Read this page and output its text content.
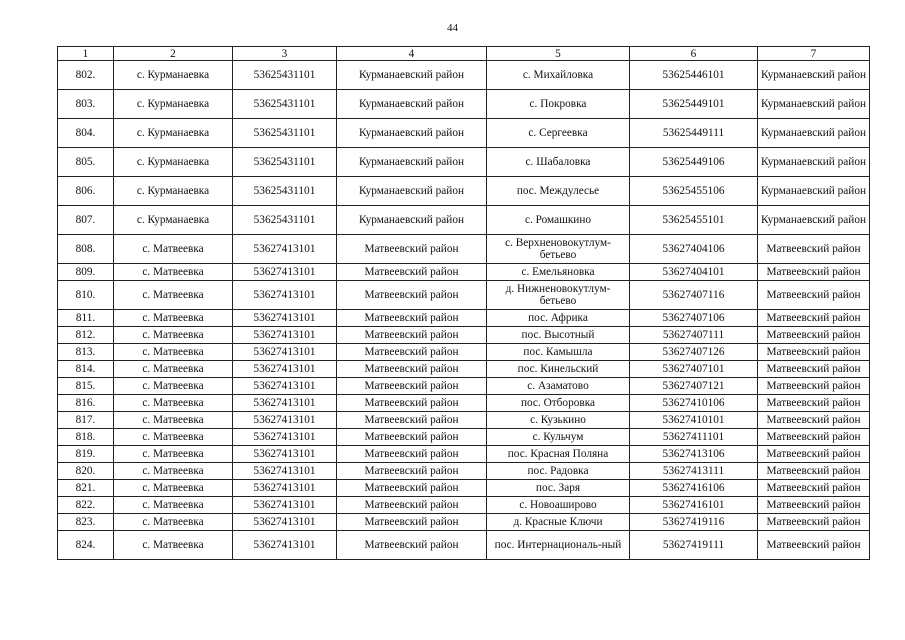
44
1	2	3	4	5	6	7
802.	с. Курманаевка	53625431101	Курманаевский район	с. Михайловка	53625446101	Курманаевский район
803.	с. Курманаевка	53625431101	Курманаевский район	с. Покровка	53625449101	Курманаевский район
804.	с. Курманаевка	53625431101	Курманаевский район	с. Сергеевка	53625449111	Курманаевский район
805.	с. Курманаевка	53625431101	Курманаевский район	с. Шабаловка	53625449106	Курманаевский район
806.	с. Курманаевка	53625431101	Курманаевский район	пос. Междулесье	53625455106	Курманаевский район
807.	с. Курманаевка	53625431101	Курманаевский район	с. Ромашкино	53625455101	Курманаевский район
808.	с. Матвеевка	53627413101	Матвеевский район	с. Верхненовокутлум-бетьево	53627404106	Матвеевский район
809.	с. Матвеевка	53627413101	Матвеевский район	с. Емельяновка	53627404101	Матвеевский район
810.	с. Матвеевка	53627413101	Матвеевский район	д. Нижненовокутлум-бетьево	53627407116	Матвеевский район
811.	с. Матвеевка	53627413101	Матвеевский район	пос. Африка	53627407106	Матвеевский район
812.	с. Матвеевка	53627413101	Матвеевский район	пос. Высотный	53627407111	Матвеевский район
813.	с. Матвеевка	53627413101	Матвеевский район	пос. Камышла	53627407126	Матвеевский район
814.	с. Матвеевка	53627413101	Матвеевский район	пос. Кинельский	53627407101	Матвеевский район
815.	с. Матвеевка	53627413101	Матвеевский район	с. Азаматово	53627407121	Матвеевский район
816.	с. Матвеевка	53627413101	Матвеевский район	пос. Отборовка	53627410106	Матвеевский район
817.	с. Матвеевка	53627413101	Матвеевский район	с. Кузькино	53627410101	Матвеевский район
818.	с. Матвеевка	53627413101	Матвеевский район	с. Кульчум	53627411101	Матвеевский район
819.	с. Матвеевка	53627413101	Матвеевский район	пос. Красная Поляна	53627413106	Матвеевский район
820.	с. Матвеевка	53627413101	Матвеевский район	пос. Радовка	53627413111	Матвеевский район
821.	с. Матвеевка	53627413101	Матвеевский район	пос. Заря	53627416106	Матвеевский район
822.	с. Матвеевка	53627413101	Матвеевский район	с. Новоаширово	53627416101	Матвеевский район
823.	с. Матвеевка	53627413101	Матвеевский район	д. Красные Ключи	53627419116	Матвеевский район
824.	с. Матвеевка	53627413101	Матвеевский район	пос. Интернациональ-ный	53627419111	Матвеевский район
